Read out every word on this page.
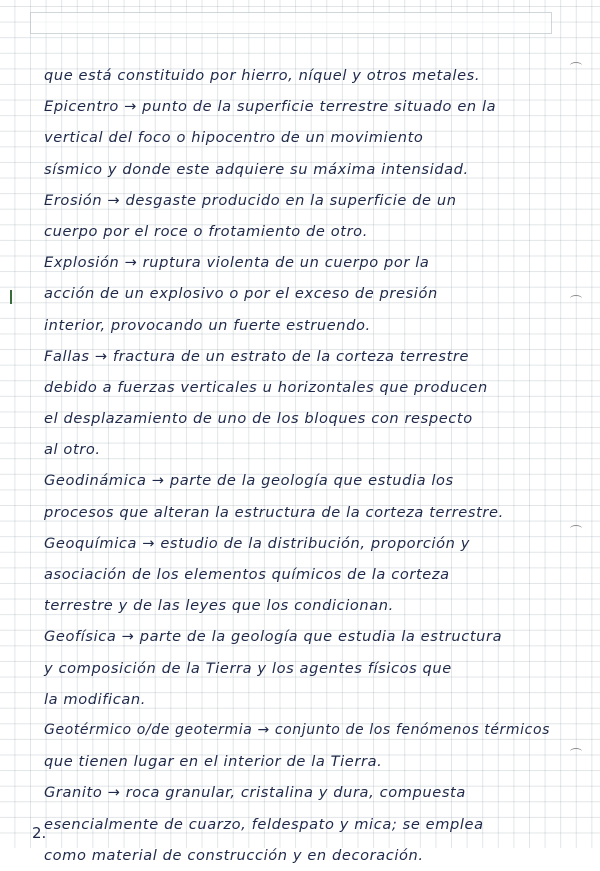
que está constituido por hierro, níquel y otros metales.
Epicentro → punto de la superficie terrestre situado en la
vertical del foco o hipocentro de un movimiento
sísmico y donde este adquiere su máxima intensidad.
Erosión → desgaste producido en la superficie de un
cuerpo por el roce o frotamiento de otro.
Explosión → ruptura violenta de un cuerpo por la
acción de un explosivo o por el exceso de presión
interior, provocando un fuerte estruendo.
Fallas → fractura de un estrato de la corteza terrestre
debido a fuerzas verticales u horizontales que producen
el desplazamiento de uno de los bloques con respecto
al otro.
Geodinámica → parte de la geología que estudia los
procesos que alteran la estructura de la corteza terrestre.
Geoquímica → estudio de la distribución, proporción y
asociación de los elementos químicos de la corteza
terrestre y de las leyes que los condicionan.
Geofísica → parte de la geología que estudia la estructura
y composición de la Tierra y los agentes físicos que
la modifican.
Geotérmico o/de geotermia → conjunto de los fenómenos térmicos
que tienen lugar en el interior de la Tierra.
Granito → roca granular, cristalina y dura, compuesta
esencialmente de cuarzo, feldespato y mica; se emplea
como material de construcción y en decoración.
2.
